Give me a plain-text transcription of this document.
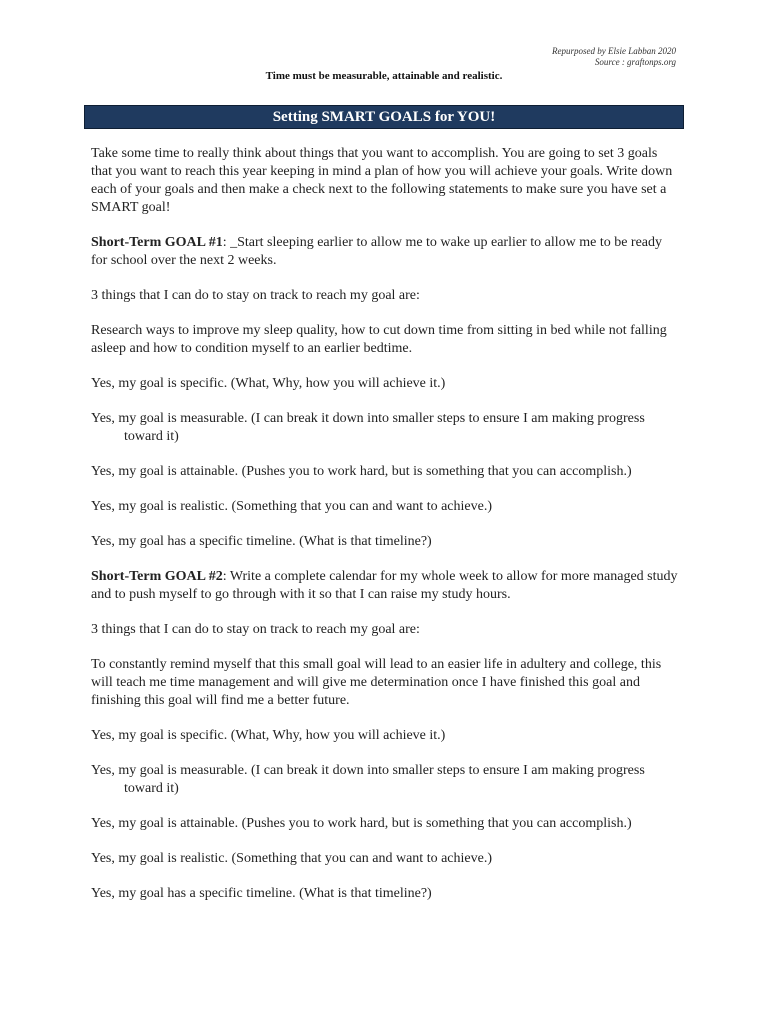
Repurposed by Elsie Labban 2020
Source : graftonps.org
Time must be measurable, attainable and realistic.
Setting SMART GOALS for YOU!

Take some time to really think about things that you want to accomplish. You are going to set 3 goals that you want to reach this year keeping in mind a plan of how you will achieve your goals. Write down each of your goals and then make a check next to the following statements to make sure you have set a SMART goal!

Short-Term GOAL #1: _Start sleeping earlier to allow me to wake up earlier to allow me to be ready for school over the next 2 weeks.

3 things that I can do to stay on track to reach my goal are:

Research ways to improve my sleep quality, how to cut down time from sitting in bed while not falling asleep and how to condition myself to an earlier bedtime.

Yes, my goal is specific. (What, Why, how you will achieve it.)

Yes, my goal is measurable. (I can break it down into smaller steps to ensure I am making progress toward it)

Yes, my goal is attainable. (Pushes you to work hard, but is something that you can accomplish.)

Yes, my goal is realistic. (Something that you can and want to achieve.)

Yes, my goal has a specific timeline. (What is that timeline?)

Short-Term GOAL #2: Write a complete calendar for my whole week to allow for more managed study and to push myself to go through with it so that I can raise my study hours.

3 things that I can do to stay on track to reach my goal are:

To constantly remind myself that this small goal will lead to an easier life in adultery and college, this will teach me time management and will give me determination once I have finished this goal and finishing this goal will find me a better future.

Yes, my goal is specific. (What, Why, how you will achieve it.)

Yes, my goal is measurable. (I can break it down into smaller steps to ensure I am making progress toward it)

Yes, my goal is attainable. (Pushes you to work hard, but is something that you can accomplish.)

Yes, my goal is realistic. (Something that you can and want to achieve.)

Yes, my goal has a specific timeline. (What is that timeline?)
